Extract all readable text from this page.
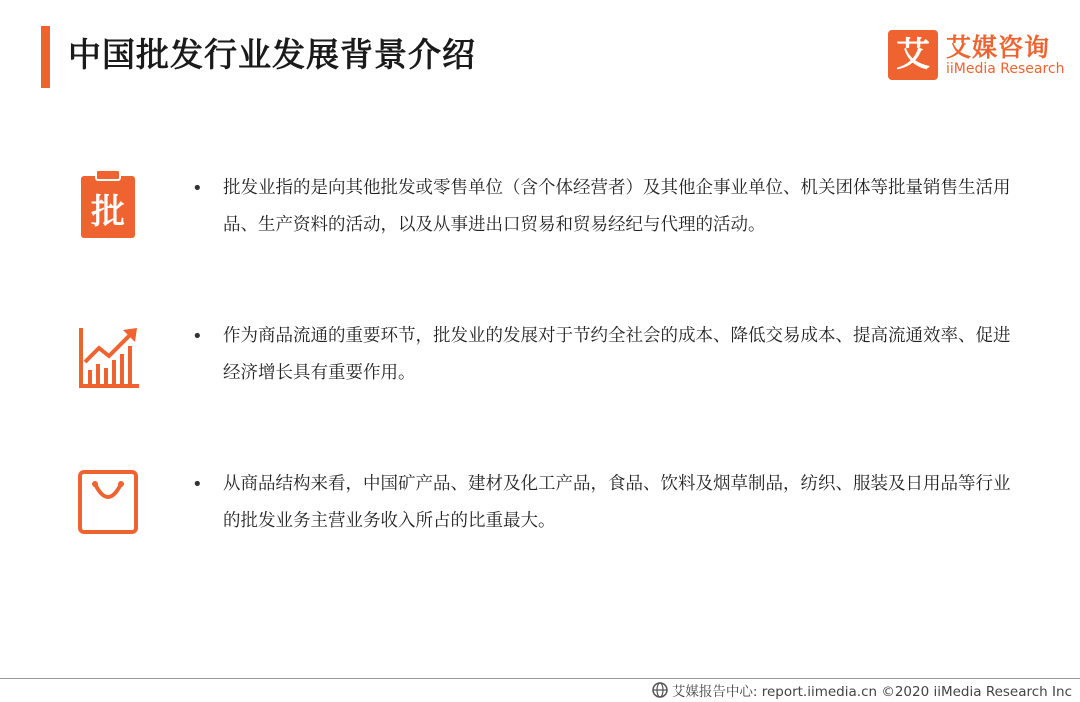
中国批发行业发展背景介绍	艾 艾媒咨询
iiMedia Research
批
• 批发业指的是向其他批发或零售单位（含个体经营者）及其他企事业单位、机关团体等批量销售生活用品、生产资料的活动，以及从事进出口贸易和贸易经纪与代理的活动。
• 作为商品流通的重要环节，批发业的发展对于节约全社会的成本、降低交易成本、提高流通效率、促进经济增长具有重要作用。
• 从商品结构来看，中国矿产品、建材及化工产品，食品、饮料及烟草制品，纺织、服装及日用品等行业的批发业务主营业务收入所占的比重最大。
艾媒报告中心: report.iimedia.cn ©2020 iiMedia Research Inc
